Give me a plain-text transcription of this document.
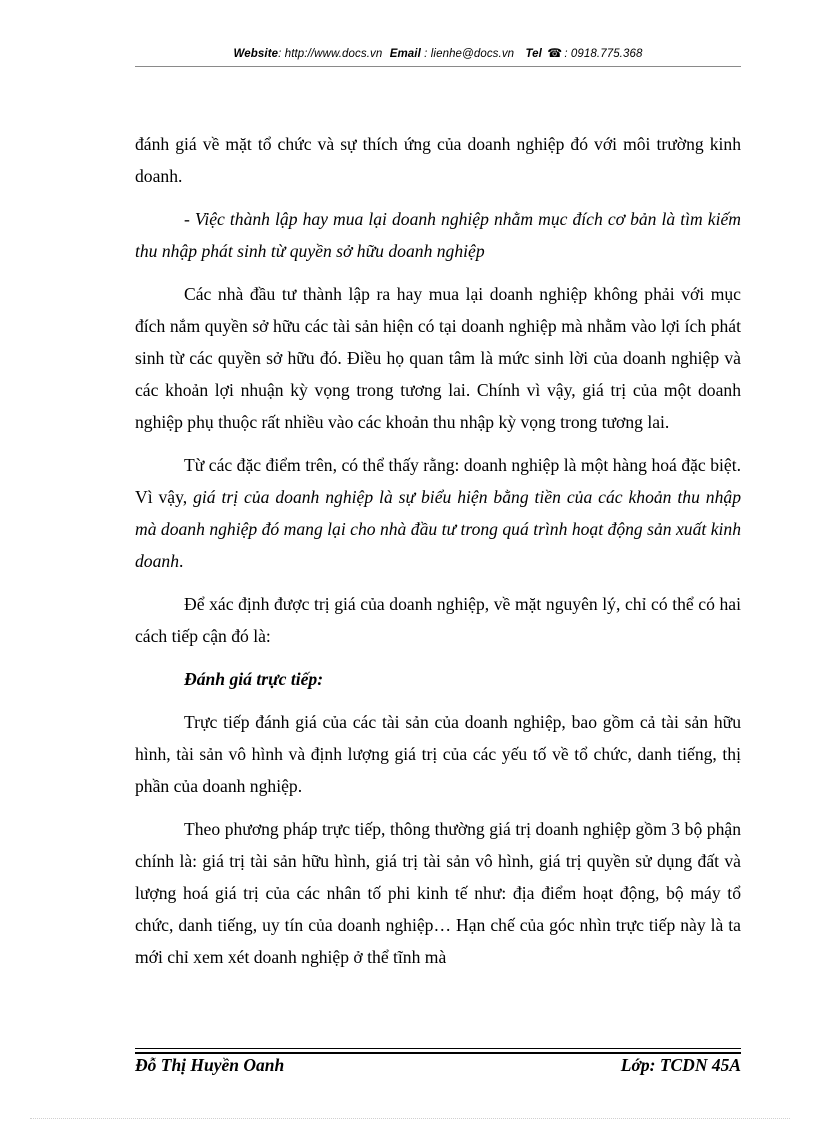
Website: http://www.docs.vn Email : lienhe@docs.vn Tel ☎ : 0918.775.368

đánh giá về mặt tổ chức và sự thích ứng của doanh nghiệp đó với môi trường kinh doanh.

- Việc thành lập hay mua lại doanh nghiệp nhằm mục đích cơ bản là tìm kiếm thu nhập phát sinh từ quyền sở hữu doanh nghiệp

Các nhà đầu tư thành lập ra hay mua lại doanh nghiệp không phải với mục đích nắm quyền sở hữu các tài sản hiện có tại doanh nghiệp mà nhằm vào lợi ích phát sinh từ các quyền sở hữu đó. Điều họ quan tâm là mức sinh lời của doanh nghiệp và các khoản lợi nhuận kỳ vọng trong tương lai. Chính vì vậy, giá trị của một doanh nghiệp phụ thuộc rất nhiều vào các khoản thu nhập kỳ vọng trong tương lai.

Từ các đặc điểm trên, có thể thấy rằng: doanh nghiệp là một hàng hoá đặc biệt. Vì vậy, giá trị của doanh nghiệp là sự biểu hiện bằng tiền của các khoản thu nhập mà doanh nghiệp đó mang lại cho nhà đầu tư trong quá trình hoạt động sản xuất kinh doanh.

Để xác định được trị giá của doanh nghiệp, về mặt nguyên lý, chỉ có thể có hai cách tiếp cận đó là:

Đánh giá trực tiếp:

Trực tiếp đánh giá của các tài sản của doanh nghiệp, bao gồm cả tài sản hữu hình, tài sản vô hình và định lượng giá trị của các yếu tố về tổ chức, danh tiếng, thị phần của doanh nghiệp.

Theo phương pháp trực tiếp, thông thường giá trị doanh nghiệp gồm 3 bộ phận chính là: giá trị tài sản hữu hình, giá trị tài sản vô hình, giá trị quyền sử dụng đất và lượng hoá giá trị của các nhân tố phi kinh tế như: địa điểm hoạt động, bộ máy tổ chức, danh tiếng, uy tín của doanh nghiệp… Hạn chế của góc nhìn trực tiếp này là ta mới chỉ xem xét doanh nghiệp ở thể tĩnh mà

Đỗ Thị Huyền Oanh	Lớp: TCDN 45A
